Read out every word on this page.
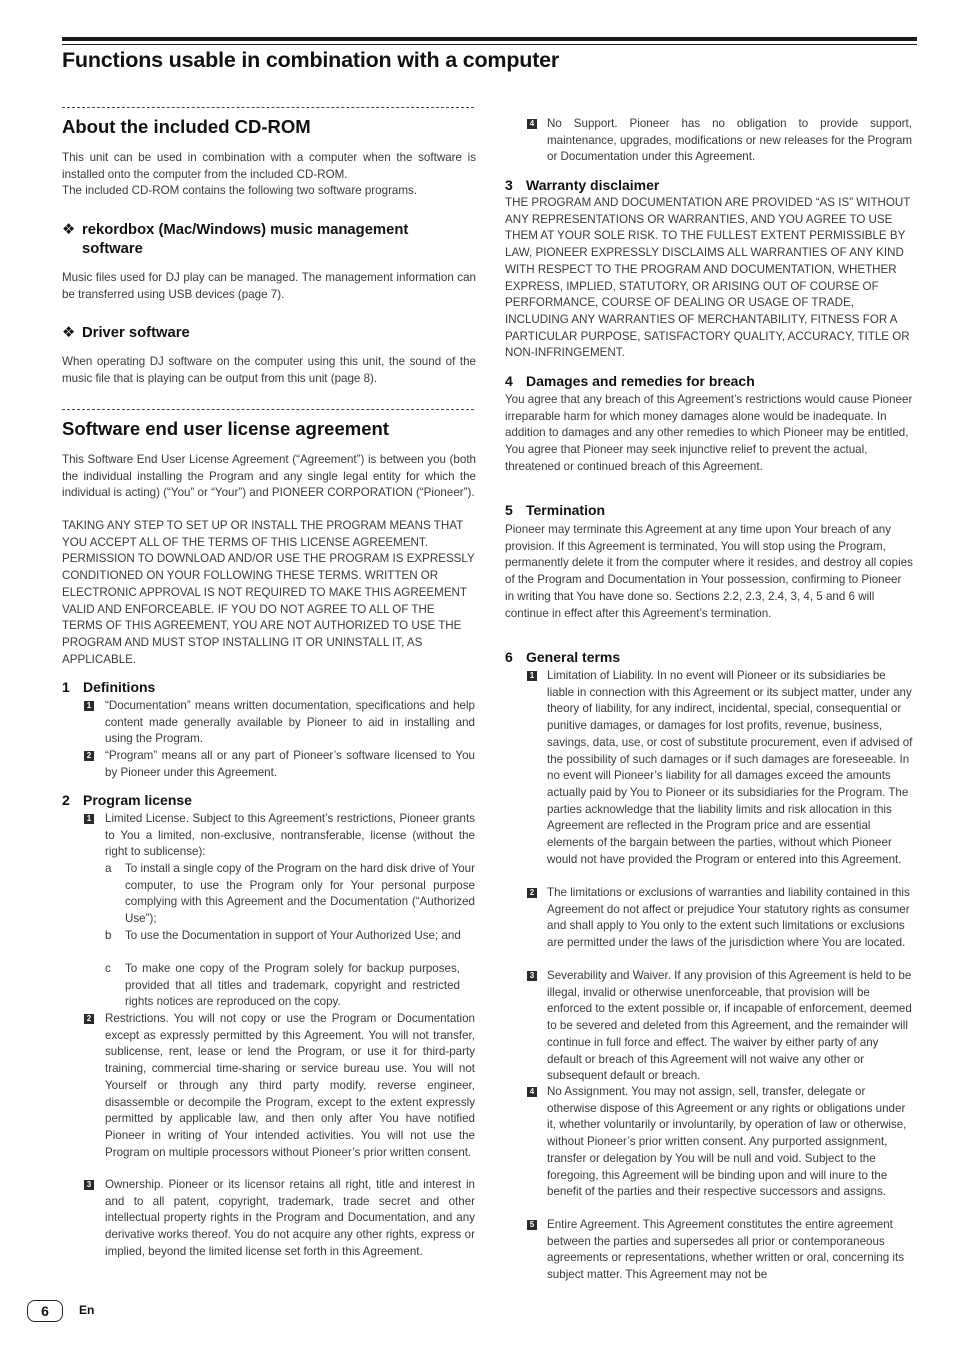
Functions usable in combination with a computer
About the included CD-ROM
This unit can be used in combination with a computer when the software is installed onto the computer from the included CD-ROM.
The included CD-ROM contains the following two software programs.
❖ rekordbox (Mac/Windows) music management software
Music files used for DJ play can be managed. The management information can be transferred using USB devices (page 7).
❖ Driver software
When operating DJ software on the computer using this unit, the sound of the music file that is playing can be output from this unit (page 8).
Software end user license agreement
This Software End User License Agreement (“Agreement”) is between you (both the individual installing the Program and any single legal entity for which the individual is acting) (“You” or “Your”) and PIONEER CORPORATION (“Pioneer”).
TAKING ANY STEP TO SET UP OR INSTALL THE PROGRAM MEANS THAT YOU ACCEPT ALL OF THE TERMS OF THIS LICENSE AGREEMENT. PERMISSION TO DOWNLOAD AND/OR USE THE PROGRAM IS EXPRESSLY CONDITIONED ON YOUR FOLLOWING THESE TERMS. WRITTEN OR ELECTRONIC APPROVAL IS NOT REQUIRED TO MAKE THIS AGREEMENT VALID AND ENFORCEABLE. IF YOU DO NOT AGREE TO ALL OF THE TERMS OF THIS AGREEMENT, YOU ARE NOT AUTHORIZED TO USE THE PROGRAM AND MUST STOP INSTALLING IT OR UNINSTALL IT, AS APPLICABLE.
1 Definitions
1 “Documentation” means written documentation, specifications and help content made generally available by Pioneer to aid in installing and using the Program.
2 “Program” means all or any part of Pioneer’s software licensed to You by Pioneer under this Agreement.
2 Program license
1 Limited License. Subject to this Agreement’s restrictions, Pioneer grants to You a limited, non-exclusive, nontransferable, license (without the right to sublicense):
a To install a single copy of the Program on the hard disk drive of Your computer, to use the Program only for Your personal purpose complying with this Agreement and the Documentation (“Authorized Use”);
b To use the Documentation in support of Your Authorized Use; and
c To make one copy of the Program solely for backup purposes, provided that all titles and trademark, copyright and restricted rights notices are reproduced on the copy.
2 Restrictions. You will not copy or use the Program or Documentation except as expressly permitted by this Agreement. You will not transfer, sublicense, rent, lease or lend the Program, or use it for third-party training, commercial time-sharing or service bureau use. You will not Yourself or through any third party modify, reverse engineer, disassemble or decompile the Program, except to the extent expressly permitted by applicable law, and then only after You have notified Pioneer in writing of Your intended activities. You will not use the Program on multiple processors without Pioneer’s prior written consent.
3 Ownership. Pioneer or its licensor retains all right, title and interest in and to all patent, copyright, trademark, trade secret and other intellectual property rights in the Program and Documentation, and any derivative works thereof. You do not acquire any other rights, express or implied, beyond the limited license set forth in this Agreement.
4 No Support. Pioneer has no obligation to provide support, maintenance, upgrades, modifications or new releases for the Program or Documentation under this Agreement.
3 Warranty disclaimer
THE PROGRAM AND DOCUMENTATION ARE PROVIDED “AS IS” WITHOUT ANY REPRESENTATIONS OR WARRANTIES, AND YOU AGREE TO USE THEM AT YOUR SOLE RISK. TO THE FULLEST EXTENT PERMISSIBLE BY LAW, PIONEER EXPRESSLY DISCLAIMS ALL WARRANTIES OF ANY KIND WITH RESPECT TO THE PROGRAM AND DOCUMENTATION, WHETHER EXPRESS, IMPLIED, STATUTORY, OR ARISING OUT OF COURSE OF PERFORMANCE, COURSE OF DEALING OR USAGE OF TRADE, INCLUDING ANY WARRANTIES OF MERCHANTABILITY, FITNESS FOR A PARTICULAR PURPOSE, SATISFACTORY QUALITY, ACCURACY, TITLE OR NON-INFRINGEMENT.
4 Damages and remedies for breach
You agree that any breach of this Agreement’s restrictions would cause Pioneer irreparable harm for which money damages alone would be inadequate. In addition to damages and any other remedies to which Pioneer may be entitled, You agree that Pioneer may seek injunctive relief to prevent the actual, threatened or continued breach of this Agreement.
5 Termination
Pioneer may terminate this Agreement at any time upon Your breach of any provision. If this Agreement is terminated, You will stop using the Program, permanently delete it from the computer where it resides, and destroy all copies of the Program and Documentation in Your possession, confirming to Pioneer in writing that You have done so. Sections 2.2, 2.3, 2.4, 3, 4, 5 and 6 will continue in effect after this Agreement’s termination.
6 General terms
1 Limitation of Liability. In no event will Pioneer or its subsidiaries be liable in connection with this Agreement or its subject matter, under any theory of liability, for any indirect, incidental, special, consequential or punitive damages, or damages for lost profits, revenue, business, savings, data, use, or cost of substitute procurement, even if advised of the possibility of such damages or if such damages are foreseeable. In no event will Pioneer’s liability for all damages exceed the amounts actually paid by You to Pioneer or its subsidiaries for the Program. The parties acknowledge that the liability limits and risk allocation in this Agreement are reflected in the Program price and are essential elements of the bargain between the parties, without which Pioneer would not have provided the Program or entered into this Agreement.
2 The limitations or exclusions of warranties and liability contained in this Agreement do not affect or prejudice Your statutory rights as consumer and shall apply to You only to the extent such limitations or exclusions are permitted under the laws of the jurisdiction where You are located.
3 Severability and Waiver. If any provision of this Agreement is held to be illegal, invalid or otherwise unenforceable, that provision will be enforced to the extent possible or, if incapable of enforcement, deemed to be severed and deleted from this Agreement, and the remainder will continue in full force and effect. The waiver by either party of any default or breach of this Agreement will not waive any other or subsequent default or breach.
4 No Assignment. You may not assign, sell, transfer, delegate or otherwise dispose of this Agreement or any rights or obligations under it, whether voluntarily or involuntarily, by operation of law or otherwise, without Pioneer’s prior written consent. Any purported assignment, transfer or delegation by You will be null and void. Subject to the foregoing, this Agreement will be binding upon and will inure to the benefit of the parties and their respective successors and assigns.
5 Entire Agreement. This Agreement constitutes the entire agreement between the parties and supersedes all prior or contemporaneous agreements or representations, whether written or oral, concerning its subject matter. This Agreement may not be
6	En
